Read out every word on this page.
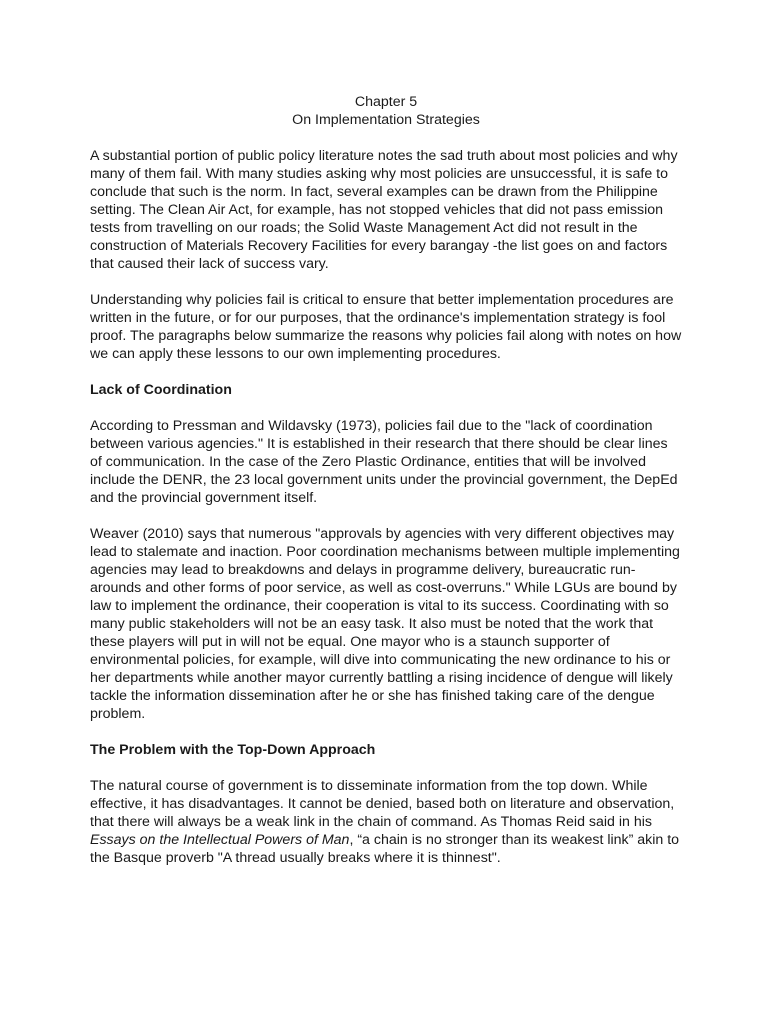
Chapter 5
On Implementation Strategies

A substantial portion of public policy literature notes the sad truth about most policies and why many of them fail. With many studies asking why most policies are unsuccessful, it is safe to conclude that such is the norm. In fact, several examples can be drawn from the Philippine setting. The Clean Air Act, for example, has not stopped vehicles that did not pass emission tests from travelling on our roads; the Solid Waste Management Act did not result in the construction of Materials Recovery Facilities for every barangay -the list goes on and factors that caused their lack of success vary.

Understanding why policies fail is critical to ensure that better implementation procedures are written in the future, or for our purposes, that the ordinance's implementation strategy is fool proof. The paragraphs below summarize the reasons why policies fail along with notes on how we can apply these lessons to our own implementing procedures.

Lack of Coordination

According to Pressman and Wildavsky (1973), policies fail due to the "lack of coordination between various agencies." It is established in their research that there should be clear lines of communication. In the case of the Zero Plastic Ordinance, entities that will be involved include the DENR, the 23 local government units under the provincial government, the DepEd and the provincial government itself.

Weaver (2010) says that numerous "approvals by agencies with very different objectives may lead to stalemate and inaction. Poor coordination mechanisms between multiple implementing agencies may lead to breakdowns and delays in programme delivery, bureaucratic run-arounds and other forms of poor service, as well as cost-overruns." While LGUs are bound by law to implement the ordinance, their cooperation is vital to its success. Coordinating with so many public stakeholders will not be an easy task. It also must be noted that the work that these players will put in will not be equal. One mayor who is a staunch supporter of environmental policies, for example, will dive into communicating the new ordinance to his or her departments while another mayor currently battling a rising incidence of dengue will likely tackle the information dissemination after he or she has finished taking care of the dengue problem.

The Problem with the Top-Down Approach

The natural course of government is to disseminate information from the top down. While effective, it has disadvantages. It cannot be denied, based both on literature and observation, that there will always be a weak link in the chain of command. As Thomas Reid said in his Essays on the Intellectual Powers of Man, “a chain is no stronger than its weakest link” akin to the Basque proverb "A thread usually breaks where it is thinnest".
